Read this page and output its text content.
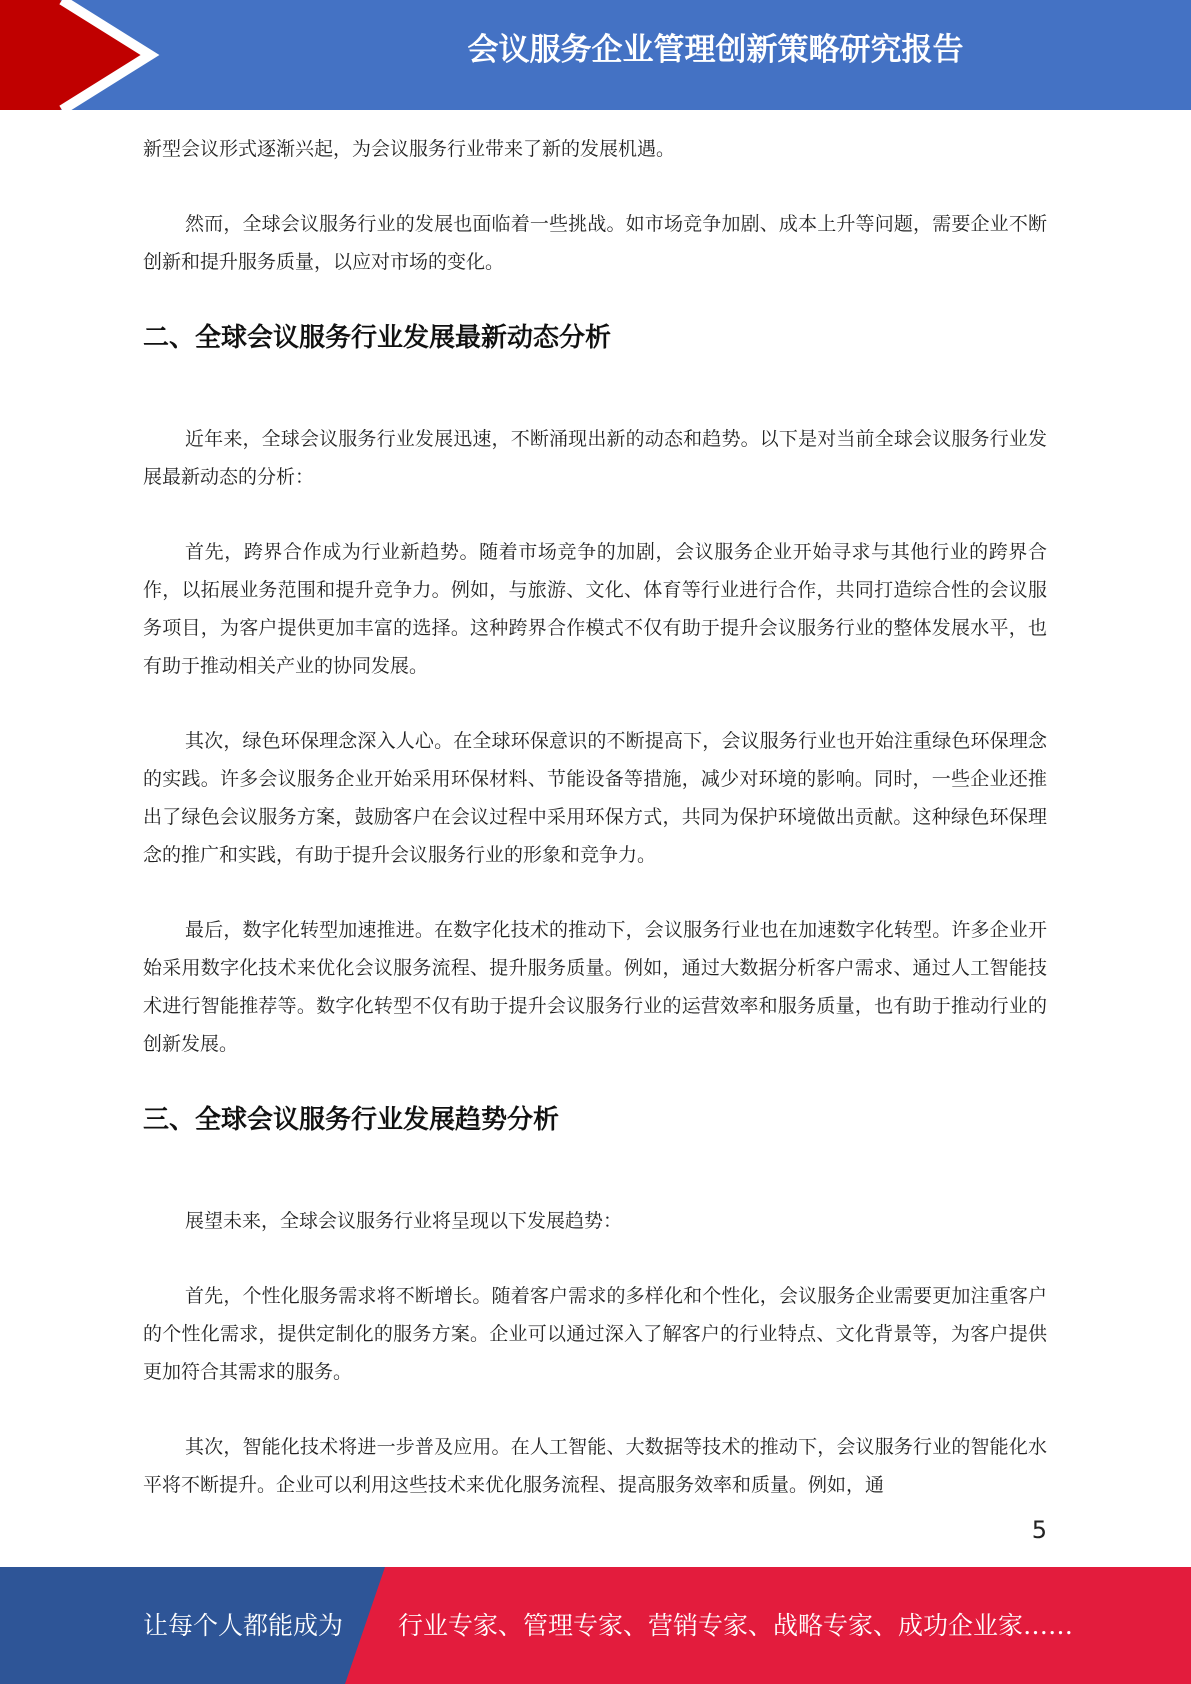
会议服务企业管理创新策略研究报告

新型会议形式逐渐兴起，为会议服务行业带来了新的发展机遇。

然而，全球会议服务行业的发展也面临着一些挑战。如市场竞争加剧、成本上升等问题，需要企业不断创新和提升服务质量，以应对市场的变化。

二、全球会议服务行业发展最新动态分析

近年来，全球会议服务行业发展迅速，不断涌现出新的动态和趋势。以下是对当前全球会议服务行业发展最新动态的分析：

首先，跨界合作成为行业新趋势。随着市场竞争的加剧，会议服务企业开始寻求与其他行业的跨界合作，以拓展业务范围和提升竞争力。例如，与旅游、文化、体育等行业进行合作，共同打造综合性的会议服务项目，为客户提供更加丰富的选择。这种跨界合作模式不仅有助于提升会议服务行业的整体发展水平，也有助于推动相关产业的协同发展。

其次，绿色环保理念深入人心。在全球环保意识的不断提高下，会议服务行业也开始注重绿色环保理念的实践。许多会议服务企业开始采用环保材料、节能设备等措施，减少对环境的影响。同时，一些企业还推出了绿色会议服务方案，鼓励客户在会议过程中采用环保方式，共同为保护环境做出贡献。这种绿色环保理念的推广和实践，有助于提升会议服务行业的形象和竞争力。

最后，数字化转型加速推进。在数字化技术的推动下，会议服务行业也在加速数字化转型。许多企业开始采用数字化技术来优化会议服务流程、提升服务质量。例如，通过大数据分析客户需求、通过人工智能技术进行智能推荐等。数字化转型不仅有助于提升会议服务行业的运营效率和服务质量，也有助于推动行业的创新发展。

三、全球会议服务行业发展趋势分析

展望未来，全球会议服务行业将呈现以下发展趋势：

首先，个性化服务需求将不断增长。随着客户需求的多样化和个性化，会议服务企业需要更加注重客户的个性化需求，提供定制化的服务方案。企业可以通过深入了解客户的行业特点、文化背景等，为客户提供更加符合其需求的服务。

其次，智能化技术将进一步普及应用。在人工智能、大数据等技术的推动下，会议服务行业的智能化水平将不断提升。企业可以利用这些技术来优化服务流程、提高服务效率和质量。例如，通

5
让每个人都能成为 行业专家、管理专家、营销专家、战略专家、成功企业家……
